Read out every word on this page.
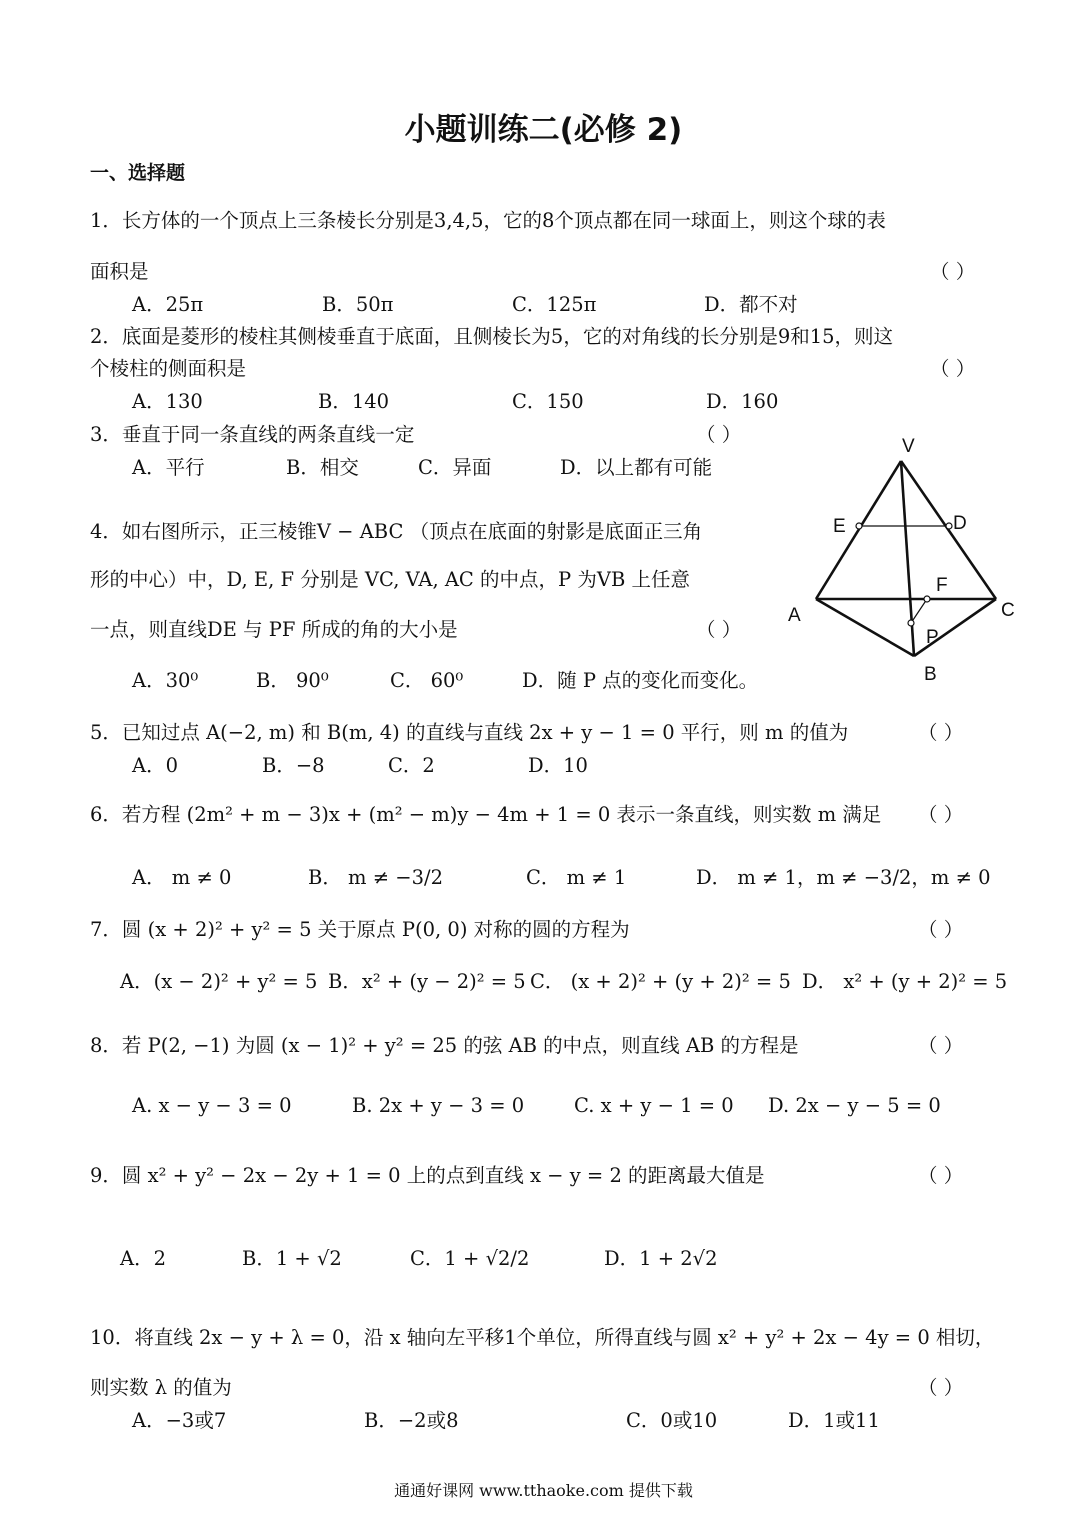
小题训练二(必修 2)
一、选择题
1．长方体的一个顶点上三条棱长分别是3,4,5，它的8个顶点都在同一球面上，则这个球的表
面积是	（ ）
A．25π	B．50π	C．125π	D．都不对
2．底面是菱形的棱柱其侧棱垂直于底面，且侧棱长为5，它的对角线的长分别是9和15，则这
个棱柱的侧面积是	（ ）
A．130	B．140	C．150	D．160
3．垂直于同一条直线的两条直线一定	（ ）
A．平行	B．相交	C．异面	D．以上都有可能
4．如右图所示，正三棱锥V − ABC （顶点在底面的射影是底面正三角
形的中心）中，D, E, F 分别是 VC, VA, AC 的中点，P 为VB 上任意
一点，则直线DE 与 PF 所成的角的大小是	（ ）
A．30⁰	B． 90⁰	C． 60⁰	D．随 P 点的变化而变化。
V
E	D
F
A	C
P
B
5．已知过点 A(−2, m) 和 B(m, 4) 的直线与直线 2x + y − 1 = 0 平行，则 m 的值为	（ ）
A．0	B．−8	C．2	D．10
6．若方程 (2m² + m − 3)x + (m² − m)y − 4m + 1 = 0 表示一条直线，则实数 m 满足 （ ）
A． m ≠ 0	B． m ≠ −3/2	C． m ≠ 1	D． m ≠ 1，m ≠ −3/2，m ≠ 0
7．圆 (x + 2)² + y² = 5 关于原点 P(0, 0) 对称的圆的方程为	（ ）
A．(x − 2)² + y² = 5 B．x² + (y − 2)² = 5 C． (x + 2)² + (y + 2)² = 5 D． x² + (y + 2)² = 5
8．若 P(2, −1) 为圆 (x − 1)² + y² = 25 的弦 AB 的中点，则直线 AB 的方程是	（ ）
A. x − y − 3 = 0	B. 2x + y − 3 = 0	C. x + y − 1 = 0 D. 2x − y − 5 = 0
9．圆 x² + y² − 2x − 2y + 1 = 0 上的点到直线 x − y = 2 的距离最大值是	（ ）
A．2	B．1 + √2	C．1 + √2/2	D．1 + 2√2
10．将直线 2x − y + λ = 0，沿 x 轴向左平移1个单位，所得直线与圆 x² + y² + 2x − 4y = 0 相切，
则实数 λ 的值为	（ ）
A．−3或7	B．−2或8	C．0或10	D．1或11
通通好课网 www.tthaoke.com 提供下载
